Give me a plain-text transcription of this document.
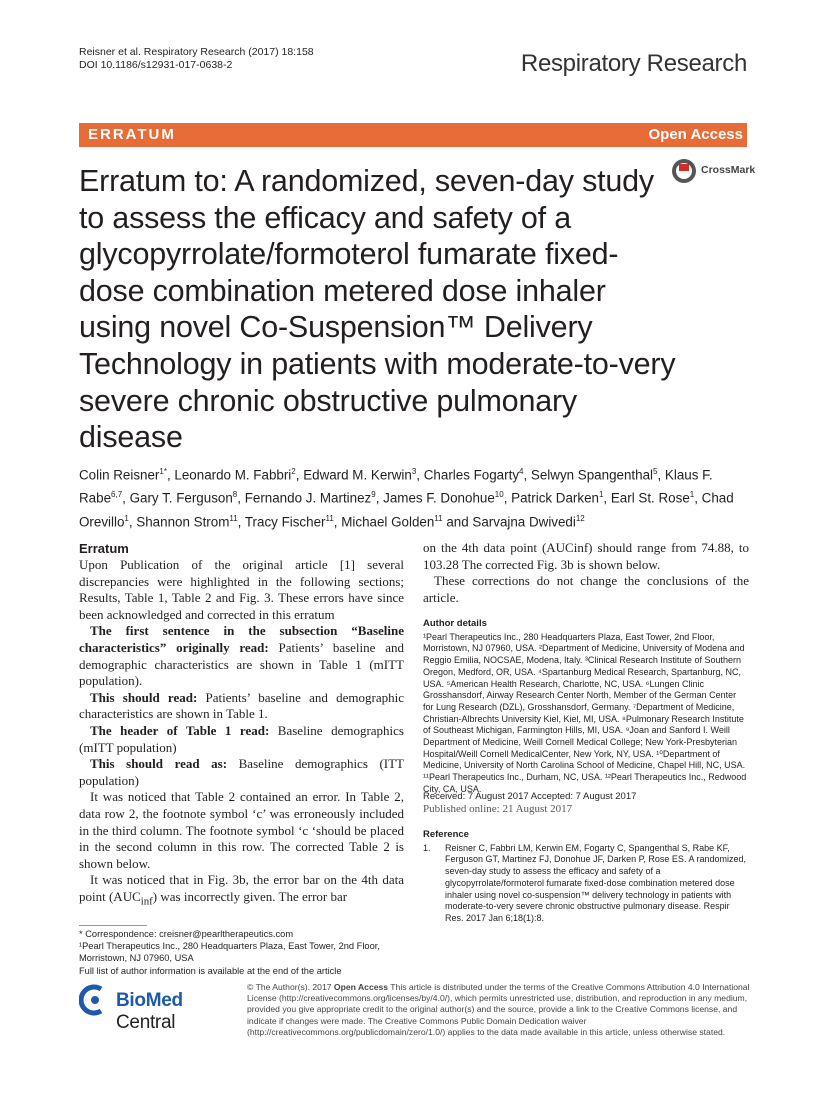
Reisner et al. Respiratory Research (2017) 18:158
DOI 10.1186/s12931-017-0638-2	Respiratory Research
ERRATUM	Open Access
Erratum to: A randomized, seven-day study to assess the efficacy and safety of a glycopyrrolate/formoterol fumarate fixed-dose combination metered dose inhaler using novel Co-Suspension™ Delivery Technology in patients with moderate-to-very severe chronic obstructive pulmonary disease
CrossMark
Colin Reisner$^{1*}$, Leonardo M. Fabbri$^2$, Edward M. Kerwin$^3$, Charles Fogarty$^4$, Selwyn Spangenthal$^5$, Klaus F. Rabe$^{6,7}$, Gary T. Ferguson$^8$, Fernando J. Martinez$^9$, James F. Donohue$^{10}$, Patrick Darken$^1$, Earl St. Rose$^1$, Chad Orevillo$^1$, Shannon Strom$^{11}$, Tracy Fischer$^{11}$, Michael Golden$^{11}$ and Sarvajna Dwivedi$^{12}$
Erratum

Upon Publication of the original article [1] several discrepancies were highlighted in the following sections; Results, Table 1, Table 2 and Fig. 3. These errors have since been acknowledged and corrected in this erratum

The first sentence in the subsection “Baseline characteristics” originally read: Patients’ baseline and demographic characteristics are shown in Table 1 (mITT population).

This should read: Patients’ baseline and demographic characteristics are shown in Table 1.

The header of Table 1 read: Baseline demographics (mITT population)

This should read as: Baseline demographics (ITT population)

It was noticed that Table 2 contained an error. In Table 2, data row 2, the footnote symbol ‘c’ was erroneously included in the third column. The footnote symbol ‘c ‘should be placed in the second column in this row. The corrected Table 2 is shown below.

It was noticed that in Fig. 3b, the error bar on the 4th data point $(AUC_{inf})$ was incorrectly given. The error bar

on the 4th data point (AUCinf) should range from 74.88, to 103.28 The corrected Fig. 3b is shown below.

These corrections do not change the conclusions of the article.

Author details

¹Pearl Therapeutics Inc., 280 Headquarters Plaza, East Tower, 2nd Floor, Morristown, NJ 07960, USA. ²Department of Medicine, University of Modena and Reggio Emilia, NOCSAE, Modena, Italy. ³Clinical Research Institute of Southern Oregon, Medford, OR, USA. ⁴Spartanburg Medical Research, Spartanburg, NC, USA. ⁵American Health Research, Charlotte, NC, USA. ⁶Lungen Clinic Grosshansdorf, Airway Research Center North, Member of the German Center for Lung Research (DZL), Grosshansdorf, Germany. ⁷Department of Medicine, Christian-Albrechts University Kiel, Kiel, MI, USA. ⁸Pulmonary Research Institute of Southeast Michigan, Farmington Hills, MI, USA. ⁹Joan and Sanford I. Weill Department of Medicine, Weill Cornell Medical College; New York-Presbyterian Hospital/Weill Cornell MedicalCenter, New York, NY, USA. ¹⁰Department of Medicine, University of North Carolina School of Medicine, Chapel Hill, NC, USA. ¹¹Pearl Therapeutics Inc., Durham, NC, USA. ¹²Pearl Therapeutics Inc., Redwood City, CA, USA.

Received: 7 August 2017 Accepted: 7 August 2017
Published online: 21 August 2017
Reference
1.	Reisner C, Fabbri LM, Kerwin EM, Fogarty C, Spangenthal S, Rabe KF, Ferguson GT, Martinez FJ, Donohue JF, Darken P, Rose ES. A randomized, seven-day study to assess the efficacy and safety of a glycopyrrolate/formoterol fumarate fixed-dose combination metered dose inhaler using novel co-suspension™ delivery technology in patients with moderate-to-very severe chronic obstructive pulmonary disease. Respir Res. 2017 Jan 6;18(1):8.
* Correspondence: creisner@pearltherapeutics.com
¹Pearl Therapeutics Inc., 280 Headquarters Plaza, East Tower, 2nd Floor, Morristown, NJ 07960, USA
Full list of author information is available at the end of the article
BioMed Central
© The Author(s). 2017 Open Access This article is distributed under the terms of the Creative Commons Attribution 4.0 International License (http://creativecommons.org/licenses/by/4.0/), which permits unrestricted use, distribution, and reproduction in any medium, provided you give appropriate credit to the original author(s) and the source, provide a link to the Creative Commons license, and indicate if changes were made. The Creative Commons Public Domain Dedication waiver (http://creativecommons.org/publicdomain/zero/1.0/) applies to the data made available in this article, unless otherwise stated.
